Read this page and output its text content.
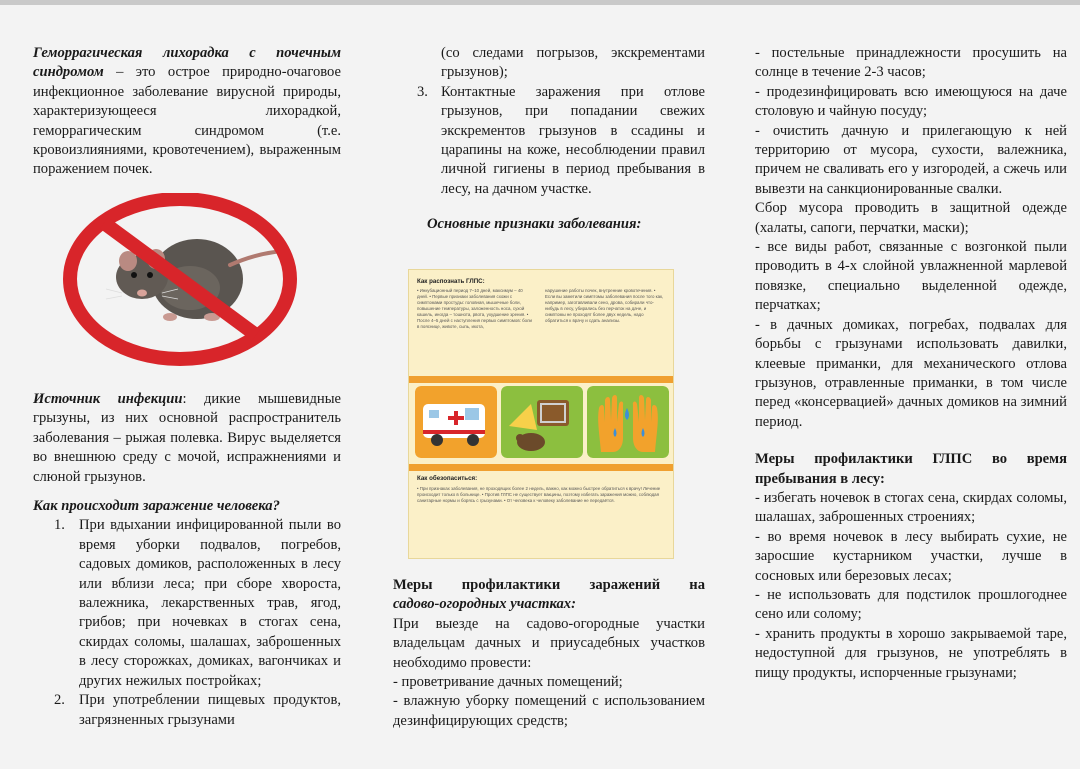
Геморрагическая лихорадка с почечным синдромом – это острое природно-очаговое инфекционное заболевание вирусной природы, характеризующееся лихорадкой, геморрагическим синдромом (т.е. кровоизлияниями, кровотечением), выраженным поражением почек.

Источник инфекции: дикие мышевидные грызуны, из них основной распространитель заболевания – рыжая полевка. Вирус выделяется во внешнюю среду с мочой, испражнениями и слюной грызунов.

Как происходит заражение человека?

1. При вдыхании инфицированной пыли во время уборки подвалов, погребов, садовых домиков, расположенных в лесу или вблизи леса; при сборе хвороста, валежника, лекарственных трав, ягод, грибов; при ночевках в стогах сена, скирдах соломы, шалашах, заброшенных в лесу сторожках, домиках, вагончиках и других нежилых постройках;
2. При употреблении пищевых продуктов, загрязненных грызунами

(со следами погрызов, экскрементами грызунов);

3. Контактные заражения при отлове грызунов, при попадании свежих экскрементов грызунов в ссадины и царапины на коже, несоблюдении правил личной гигиены в период пребывания в лесу, на дачном участке.

Основные признаки заболевания:

Как распознать ГЛПС:
• Инкубационный период 7–10 дней, максимум – 40 дней. • Первые признаки заболевания схожи с симптомами простуды: головная, мышечные боли, повышение температуры, заложенность носа, сухой кашель, иногда – тошнота, рвота, ухудшение зрения. • После 4–5 дней с наступления первых симптомов: боли в пояснице, животе, сыпь, икота,
нарушение работы почек, внутренние кровотечения. • Если вы заметили симптомы заболевания после того как, например, заготавливали сено, дрова, собирали что-нибудь в лесу, убирались без перчаток на даче, и симптомы не проходят более двух недель, надо обратиться к врачу и сдать анализы.
Как обезопаситься:
• При признаках заболевания, не проходящих более 2 недель, важно, как можно быстрее обратиться к врачу! Лечение происходит только в больнице. • Против ГЛПС не существует вакцины, поэтому избегать заражения можно, соблюдая санитарные нормы и борясь с грызунами. • От человека к человеку заболевание не передаётся.

Меры профилактики заражений на

садово-огородных участках:

При выезде на садово-огородные участки владельцам дачных и приусадебных участков необходимо провести:

- проветривание дачных помещений;

- влажную уборку помещений с использованием дезинфицирующих средств;

- постельные принадлежности просушить на солнце в течение 2-3 часов;

- продезинфицировать всю имеющуюся на даче столовую и чайную посуду;

- очистить дачную и прилегающую к ней территорию от мусора, сухости, валежника, причем не сваливать его у изгородей, а сжечь или вывезти на санкционированные свалки.

Сбор мусора проводить в защитной одежде (халаты, сапоги, перчатки, маски);

- все виды работ, связанные с возгонкой пыли проводить в 4-х слойной увлажненной марлевой повязке, специально выделенной одежде, перчатках;

- в дачных домиках, погребах, подвалах для борьбы с грызунами использовать давилки, клеевые приманки, для механического отлова грызунов, отравленные приманки, в том числе перед «консервацией» дачных домиков на зимний период.

Меры профилактики ГЛПС во время пребывания в лесу:

- избегать ночевок в стогах сена, скирдах соломы, шалашах, заброшенных строениях;

- во время ночевок в лесу выбирать сухие, не заросшие кустарником участки, лучше в сосновых или березовых лесах;

- не использовать для подстилок прошлогоднее сено или солому;

- хранить продукты в хорошо закрываемой таре, недоступной для грызунов, не употреблять в пищу продукты, испорченные грызунами;
